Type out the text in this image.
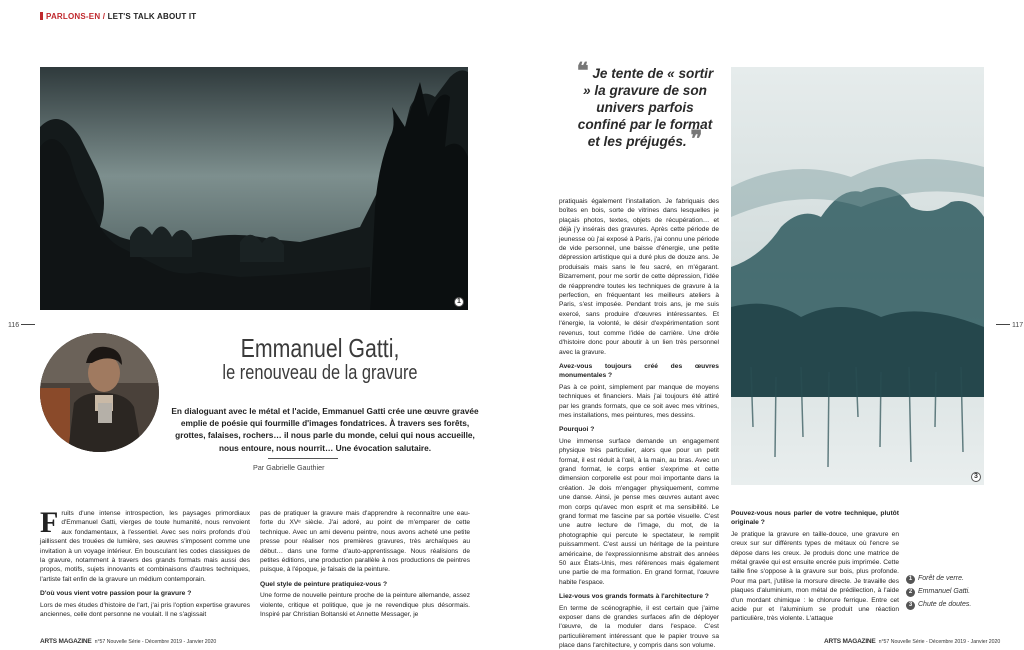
PARLONS-EN / LET'S TALK ABOUT IT
1
116
2
Emmanuel Gatti,
le renouveau de la gravure
En dialoguant avec le métal et l'acide, Emmanuel Gatti crée une œuvre gravée emplie de poésie qui fourmille d'images fondatrices. À travers ses forêts, grottes, falaises, rochers… il nous parle du monde, celui qui nous accueille, nous entoure, nous nourrit… Une évocation salutaire.
Par Gabrielle Gauthier

Fruits d'une intense introspection, les paysages primordiaux d'Emmanuel Gatti, vierges de toute humanité, nous renvoient aux fondamentaux, à l'essentiel. Avec ses noirs profonds d'où jaillissent des trouées de lumière, ses œuvres s'imposent comme une invitation à un voyage intérieur. En bousculant les codes classiques de la gravure, notamment à travers des grands formats mais aussi des propos, motifs, sujets innovants et combinaisons d'autres techniques, l'artiste fait enfin de la gravure un médium contemporain.

D'où vous vient votre passion pour la gravure ?

Lors de mes études d'histoire de l'art, j'ai pris l'option expertise gravures anciennes, celle dont personne ne voulait. Il ne s'agissait

pas de pratiquer la gravure mais d'apprendre à reconnaître une eau-forte du XVᵉ siècle. J'ai adoré, au point de m'emparer de cette technique. Avec un ami devenu peintre, nous avons acheté une petite presse pour réaliser nos premières gravures, très archaïques au début… dans une forme d'auto-apprentissage. Nous réalisions de petites éditions, une production parallèle à nos productions de peintres puisque, à l'époque, je faisais de la peinture.

Quel style de peinture pratiquiez-vous ?

Une forme de nouvelle peinture proche de la peinture allemande, assez violente, critique et politique, que je ne revendique plus désormais. Inspiré par Christian Boltanski et Annette Messager, je

ARTS MAGAZINE n°57 Nouvelle Série - Décembre 2019 - Janvier 2020
❝ Je tente de « sortir » la gravure de son univers parfois confiné par le format et les préjugés. ❞

pratiquais également l'installation. Je fabriquais des boîtes en bois, sorte de vitrines dans lesquelles je plaçais photos, textes, objets de récupération… et déjà j'y insérais des gravures. Après cette période de jeunesse où j'ai exposé à Paris, j'ai connu une période de vide personnel, une baisse d'énergie, une petite dépression artistique qui a duré plus de douze ans. Je produisais mais sans le feu sacré, en m'égarant. Bizarrement, pour me sortir de cette dépression, l'idée de réapprendre toutes les techniques de gravure à la perfection, en fréquentant les meilleurs ateliers à Paris, s'est imposée. Pendant trois ans, je me suis exercé, sans produire d'œuvres intéressantes. Et l'énergie, la volonté, le désir d'expérimentation sont revenus, tout comme l'idée de carrière. Une drôle d'histoire donc pour aboutir à un lien très personnel avec la gravure.

Avez-vous toujours créé des œuvres monumentales ?

Pas à ce point, simplement par manque de moyens techniques et financiers. Mais j'ai toujours été attiré par les grands formats, que ce soit avec mes vitrines, mes installations, mes peintures, mes dessins.

Pourquoi ?

Une immense surface demande un engagement physique très particulier, alors que pour un petit format, il est réduit à l'œil, à la main, au bras. Avec un grand format, le corps entier s'exprime et cette dimension corporelle est pour moi importante dans la création. Je dois m'engager physiquement, comme une danse. Ainsi, je pense mes œuvres autant avec mon corps qu'avec mon esprit et ma sensibilité. Le grand format me fascine par sa portée visuelle. C'est une autre lecture de l'image, du mot, de la photographie qui percute le spectateur, le remplit puissamment. C'est aussi un héritage de la peinture américaine, de l'expressionnisme abstrait des années 50 aux États-Unis, mes références mais également une partie de ma formation. En grand format, l'œuvre habite l'espace.

Liez-vous vos grands formats à l'architecture ?

En terme de scénographie, il est certain que j'aime exposer dans de grandes surfaces afin de déployer l'œuvre, de la moduler dans l'espace. C'est particulièrement intéressant que le papier trouve sa place dans l'architecture, y compris dans son volume.

3
117
Pouvez-vous nous parler de votre technique, plutôt originale ?

Je pratique la gravure en taille-douce, une gravure en creux sur sur différents types de métaux où l'encre se dépose dans les creux. Je produis donc une matrice de métal gravée qui est ensuite encrée puis imprimée. Cette taille fine s'oppose à la gravure sur bois, plus profonde. Pour ma part, j'utilise la morsure directe. Je travaille des plaques d'aluminium, mon métal de prédilection, à l'aide d'un mordant chimique : le chlorure ferrique. Entre cet acide pur et l'aluminium se produit une réaction particulière, très violente. L'attaque

1 Forêt de verre.
2 Emmanuel Gatti.
3 Chute de doutes.
ARTS MAGAZINE n°57 Nouvelle Série - Décembre 2019 - Janvier 2020
